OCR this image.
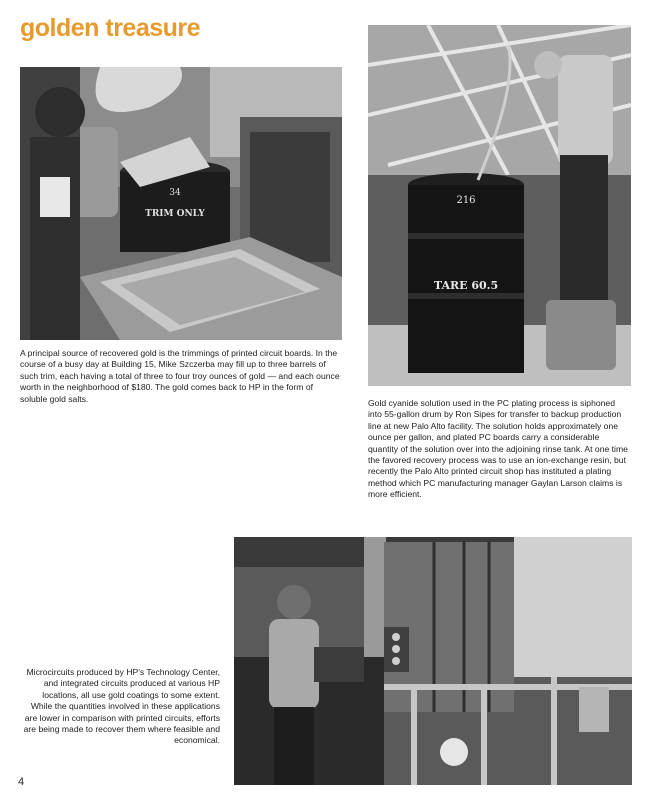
golden treasure
34
TRIM ONLY
216
TARE 60.5
A principal source of recovered gold is the trimmings of printed circuit boards. In the course of a busy day at Building 15, Mike Szczerba may fill up to three barrels of such trim, each having a total of three to four troy ounces of gold — and each ounce worth in the neighborhood of $180. The gold comes back to HP in the form of soluble gold salts.	Gold cyanide solution used in the PC plating process is siphoned into 55-gallon drum by Ron Sipes for transfer to backup production line at new Palo Alto facility. The solution holds approximately one ounce per gallon, and plated PC boards carry a considerable quantity of the solution over into the adjoining rinse tank. At one time the favored recovery process was to use an ion-exchange resin, but recently the Palo Alto printed circuit shop has instituted a plating method which PC manufacturing manager Gaylan Larson claims is more efficient.
Microcircuits produced by HP's Technology Center, and integrated circuits produced at various HP locations, all use gold coatings to some extent. While the quantities involved in these applications are lower in comparison with printed circuits, efforts are being made to recover them where feasible and economical.
4
